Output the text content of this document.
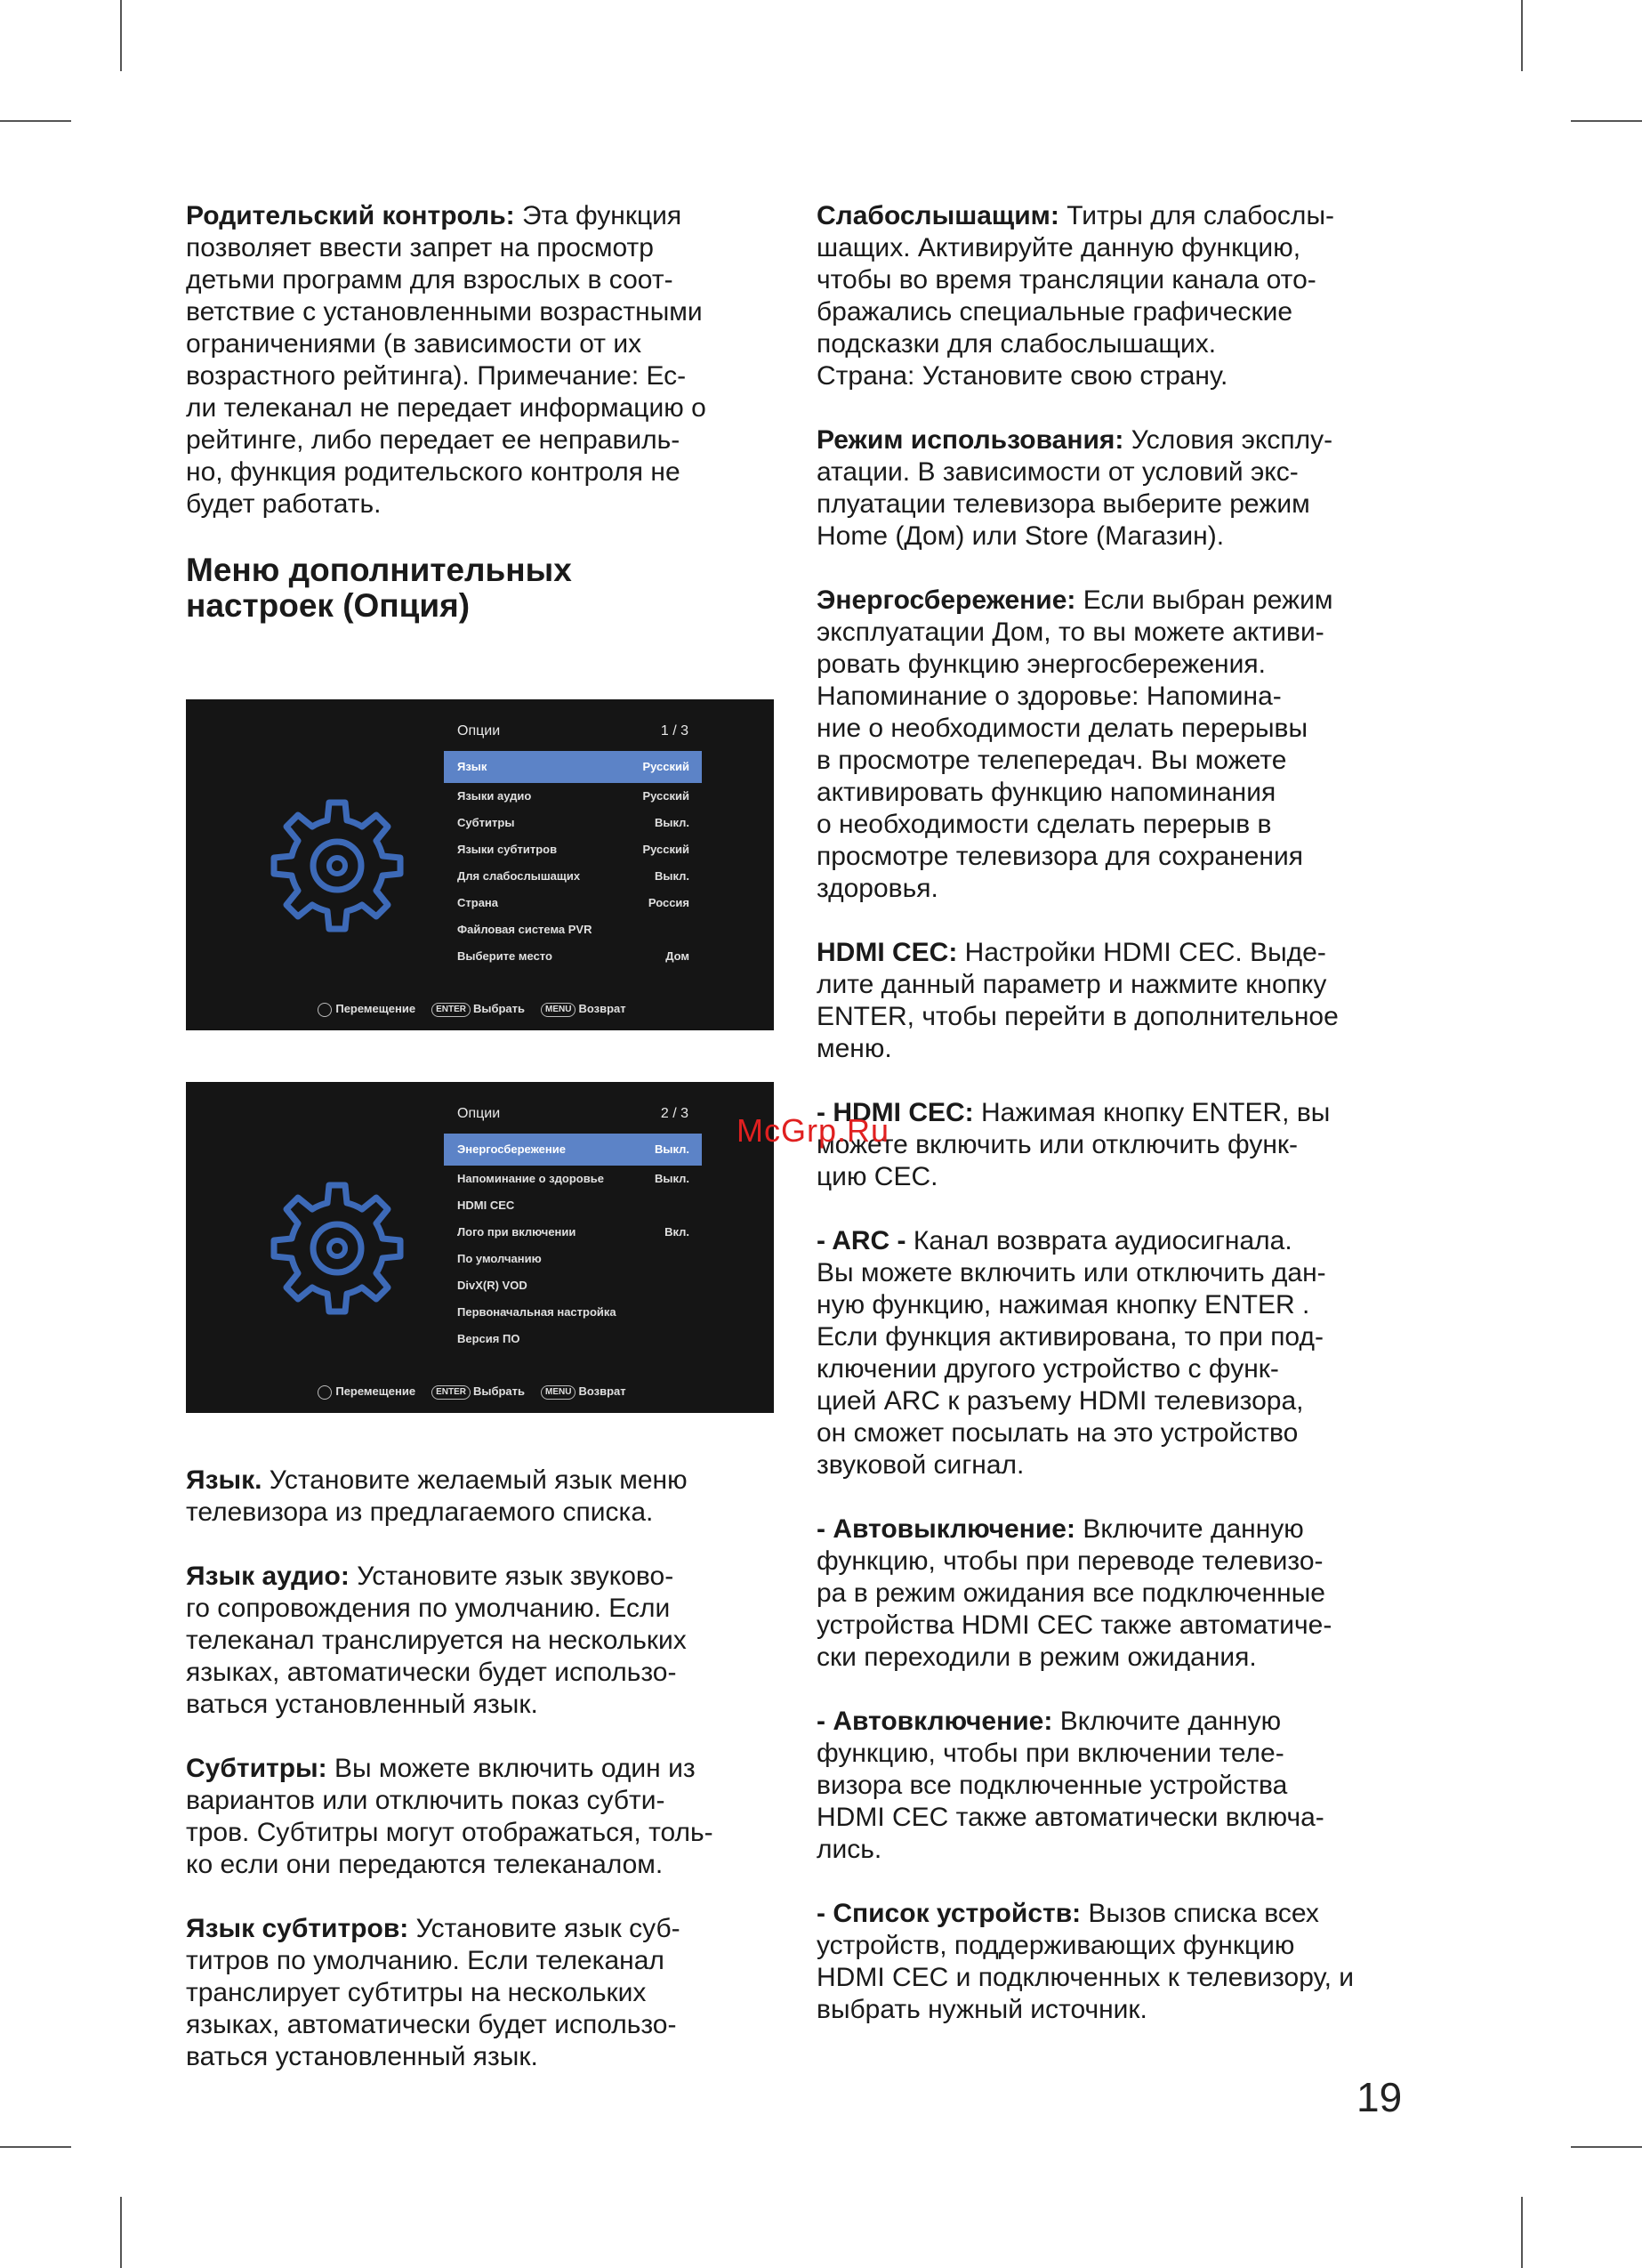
Родительский контроль: Эта функция
позволяет ввести запрет на просмотр
детьми программ для взрослых в соот-
ветствие с установленными возрастными
ограничениями (в зависимости от их
возрастного рейтинга). Примечание: Ес-
ли телеканал не передает информацию о
рейтинге, либо передает ее неправиль-
но, функция родительского контроля не
будет работать.
Меню дополнительных
настроек (Опция)
Опции	1 / 3
Язык	Русский
Языки аудио	Русский
Субтитры	Выкл.
Языки субтитров	Русский
Для слабослышащих	Выкл.
Страна	Россия
Файловая система PVR
Выберите место	Дом
Перемещение ENTER Выбрать MENU Возврат
Опции	2 / 3
Энергосбережение	Выкл.
Напоминание о здоровье	Выкл.
HDMI CEC
Лого при включении	Вкл.
По умолчанию
DivX(R) VOD
Первоначальная настройка
Версия ПО
Перемещение ENTER Выбрать MENU Возврат
Язык. Установите желаемый язык меню
телевизора из предлагаемого списка.
Язык аудио: Установите язык звуково-
го сопровождения по умолчанию. Если
телеканал транслируется на нескольких
языках, автоматически будет использо-
ваться установленный язык.
Субтитры: Вы можете включить один из
вариантов или отключить показ субти-
тров. Субтитры могут отображаться, толь-
ко если они передаются телеканалом.
Язык субтитров: Установите язык суб-
титров по умолчанию. Если телеканал
транслирует субтитры на нескольких
языках, автоматически будет использо-
ваться установленный язык.
Слабослышащим: Титры для слабослы-
шащих. Активируйте данную функцию,
чтобы во время трансляции канала ото-
бражались специальные графические
подсказки для слабослышащих.
Страна: Установите свою страну.
Режим использования: Условия эксплу-
атации. В зависимости от условий экс-
плуатации телевизора выберите режим
Home (Дом) или Store (Магазин).
Энергосбережение: Если выбран режим
эксплуатации Дом, то вы можете активи-
ровать функцию энергосбережения.
Напоминание о здоровье: Напомина-
ние о необходимости делать перерывы
в просмотре телепередач. Вы можете
активировать функцию напоминания
о необходимости сделать перерыв в
просмотре телевизора для сохранения
здоровья.
HDMI CEC: Настройки HDMI CEC. Выде-
лите данный параметр и нажмите кнопку
ENTER, чтобы перейти в дополнительное
меню.
- HDMI CEC: Нажимая кнопку ENTER, вы
можете включить или отключить функ-
цию CEC.
- ARC - Канал возврата аудиосигнала.
Вы можете включить или отключить дан-
ную функцию, нажимая кнопку ENTER .
Если функция активирована, то при под-
ключении другого устройство с функ-
цией ARC к разъему HDMI телевизора,
он сможет посылать на это устройство
звуковой сигнал.
- Автовыключение: Включите данную
функцию, чтобы при переводе телевизо-
ра в режим ожидания все подключенные
устройства HDMI CEC также автоматиче-
ски переходили в режим ожидания.
- Автовключение: Включите данную
функцию, чтобы при включении теле-
визора все подключенные устройства
HDMI CEC также автоматически включа-
лись.
- Список устройств: Вызов списка всех
устройств, поддерживающих функцию
HDMI CEC и подключенных к телевизору, и
выбрать нужный источник.
McGrp.Ru
19
